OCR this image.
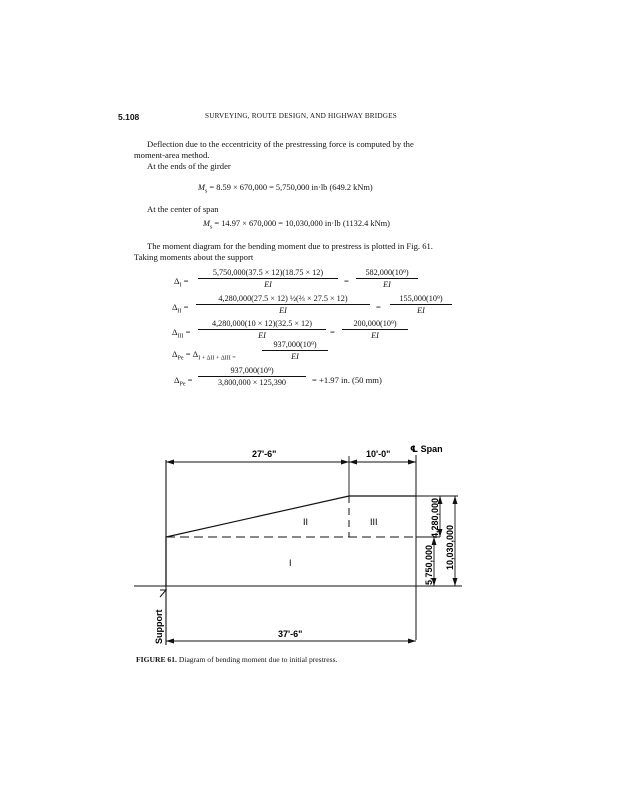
5.108	SURVEYING, ROUTE DESIGN, AND HIGHWAY BRIDGES
Deflection due to the eccentricity of the prestressing force is computed by the
moment-area method.
At the ends of the girder
$M_s = 8.59 \times 670,000 = 5,750,000$ in·lb (649.2 kNm)
At the center of span
$M_s = 14.97 \times 670,000 = 10,030,000$ in·lb (1132.4 kNm)
The moment diagram for the bending moment due to prestress is plotted in Fig. 61.
Taking moments about the support
$\Delta_I = \frac{5,750,000(37.5 \times 12)(18.75 \times 12)}{EI} = \frac{\text{582,000(10⁹)}}{EI}$
$\Delta_{II} = \frac{\text{4,280,000(27.5 × 12) ½(⅔ × 27.5 × 12)}}{EI} = \frac{\text{155,000(10⁹)}}{EI}$
$\Delta_{III} = \frac{4,280,000(10 \times 12)(32.5 \times 12)}{EI} = \frac{\text{200,000(10⁹)}}{EI}$
$\Delta_{Pe} = \Delta_{I + \Delta II + \Delta III =}$	$\frac{\text{937,000(10⁹)}}{EI}$
$\Delta_{Pe} = \frac{\text{937,000(10⁹)}}{3,800,000 \times 125,390} = +1.97$ in. (50 mm)
℄ Span
27'-6"	10'-0"
37'-6"
II	III
I
Support
5,750,000
4,280,000
10,030,000
FIGURE 61. Diagram of bending moment due to initial prestress.
